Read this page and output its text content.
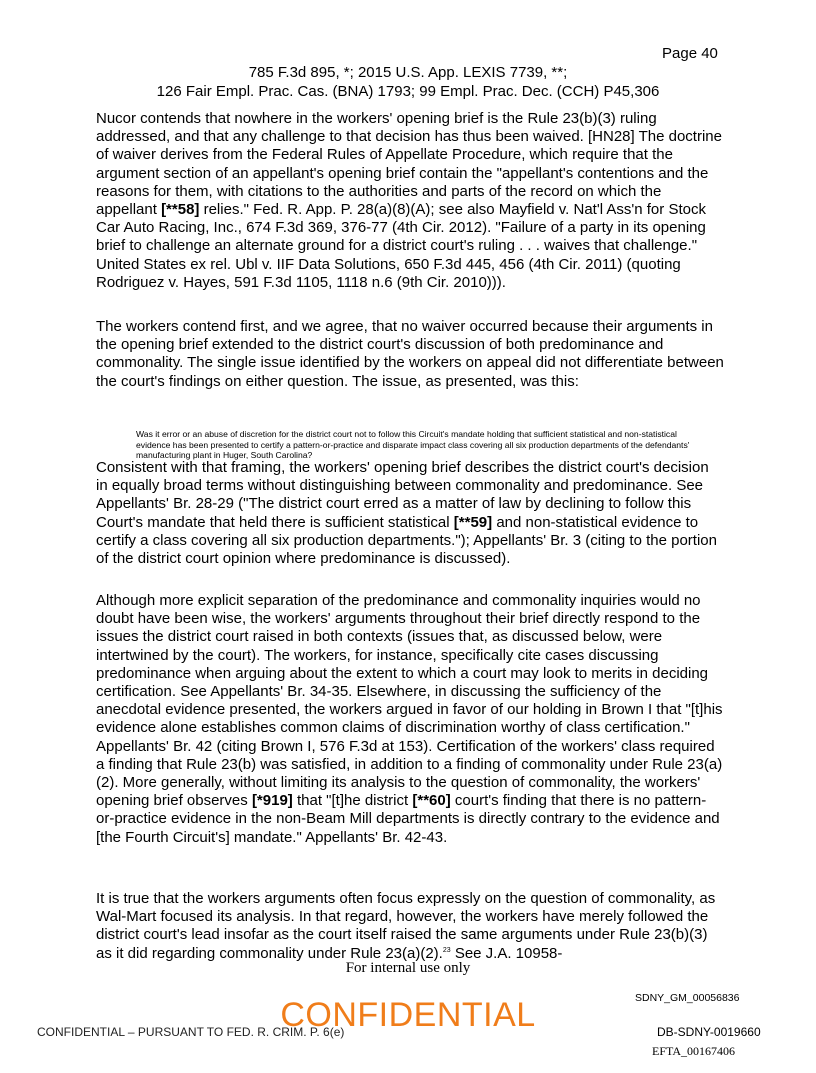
Page 40
785 F.3d 895, *; 2015 U.S. App. LEXIS 7739, **;
126 Fair Empl. Prac. Cas. (BNA) 1793; 99 Empl. Prac. Dec. (CCH) P45,306

Nucor contends that nowhere in the workers' opening brief is the Rule 23(b)(3) ruling addressed, and that any challenge to that decision has thus been waived. [HN28] The doctrine of waiver derives from the Federal Rules of Appellate Procedure, which require that the argument section of an appellant's opening brief contain the "appellant's contentions and the reasons for them, with citations to the authorities and parts of the record on which the appellant [**58] relies." Fed. R. App. P. 28(a)(8)(A); see also Mayfield v. Nat'l Ass'n for Stock Car Auto Racing, Inc., 674 F.3d 369, 376-77 (4th Cir. 2012). "Failure of a party in its opening brief to challenge an alternate ground for a district court's ruling . . . waives that challenge." United States ex rel. Ubl v. IIF Data Solutions, 650 F.3d 445, 456 (4th Cir. 2011) (quoting Rodriguez v. Hayes, 591 F.3d 1105, 1118 n.6 (9th Cir. 2010))).

The workers contend first, and we agree, that no waiver occurred because their arguments in the opening brief extended to the district court's discussion of both predominance and commonality. The single issue identified by the workers on appeal did not differentiate between the court's findings on either question. The issue, as presented, was this:

Was it error or an abuse of discretion for the district court not to follow this Circuit's mandate holding that sufficient statistical and non-statistical evidence has been presented to certify a pattern-or-practice and disparate impact class covering all six production departments of the defendants' manufacturing plant in Huger, South Carolina?

Consistent with that framing, the workers' opening brief describes the district court's decision in equally broad terms without distinguishing between commonality and predominance. See Appellants' Br. 28-29 ("The district court erred as a matter of law by declining to follow this Court's mandate that held there is sufficient statistical [**59] and non-statistical evidence to certify a class covering all six production departments."); Appellants' Br. 3 (citing to the portion of the district court opinion where predominance is discussed).

Although more explicit separation of the predominance and commonality inquiries would no doubt have been wise, the workers' arguments throughout their brief directly respond to the issues the district court raised in both contexts (issues that, as discussed below, were intertwined by the court). The workers, for instance, specifically cite cases discussing predominance when arguing about the extent to which a court may look to merits in deciding certification. See Appellants' Br. 34-35. Elsewhere, in discussing the sufficiency of the anecdotal evidence presented, the workers argued in favor of our holding in Brown I that "[t]his evidence alone establishes common claims of discrimination worthy of class certification." Appellants' Br. 42 (citing Brown I, 576 F.3d at 153). Certification of the workers' class required a finding that Rule 23(b) was satisfied, in addition to a finding of commonality under Rule 23(a)(2). More generally, without limiting its analysis to the question of commonality, the workers' opening brief observes [*919] that "[t]he district [**60] court's finding that there is no pattern-or-practice evidence in the non-Beam Mill departments is directly contrary to the evidence and [the Fourth Circuit's] mandate." Appellants' Br. 42-43.

It is true that the workers arguments often focus expressly on the question of commonality, as Wal-Mart focused its analysis. In that regard, however, the workers have merely followed the district court's lead insofar as the court itself raised the same arguments under Rule 23(b)(3) as it did regarding commonality under Rule 23(a)(2).$^{23}$ See J.A. 10958-

For internal use only
SDNY_GM_00056836
CONFIDENTIAL
CONFIDENTIAL – PURSUANT TO FED. R. CRIM. P. 6(e)	DB-SDNY-0019660
EFTA_00167406
